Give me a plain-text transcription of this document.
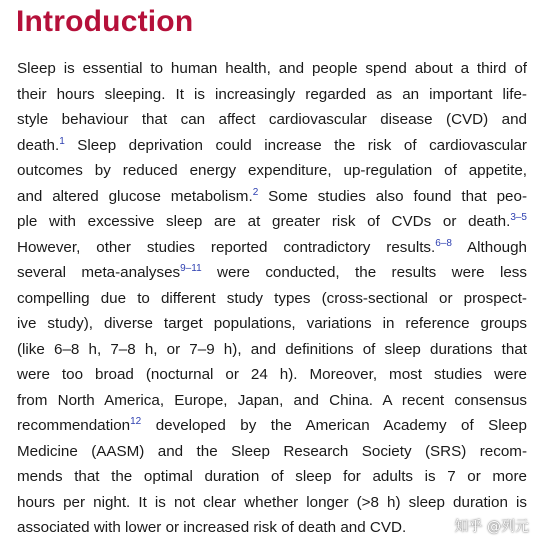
Introduction
Sleep is essential to human health, and people spend about a third of
their hours sleeping. It is increasingly regarded as an important life-
style behaviour that can affect cardiovascular disease (CVD) and
death.$^1$ Sleep deprivation could increase the risk of cardiovascular
outcomes by reduced energy expenditure, up-regulation of appetite,
and altered glucose metabolism.$^2$ Some studies also found that peo-
ple with excessive sleep are at greater risk of CVDs or death.$^{3-5}$
However, other studies reported contradictory results.$^{6-8}$ Although
several meta-analyses$^{9-11}$ were conducted, the results were less
compelling due to different study types (cross-sectional or prospect-
ive study), diverse target populations, variations in reference groups
(like 6–8 h, 7–8 h, or 7–9 h), and definitions of sleep durations that
were too broad (nocturnal or 24 h). Moreover, most studies were
from North America, Europe, Japan, and China. A recent consensus
recommendation$^{12}$ developed by the American Academy of Sleep
Medicine (AASM) and the Sleep Research Society (SRS) recom-
mends that the optimal duration of sleep for adults is 7 or more
hours per night. It is not clear whether longer (>8 h) sleep duration is
associated with lower or increased risk of death and CVD.	知乎 @列元
